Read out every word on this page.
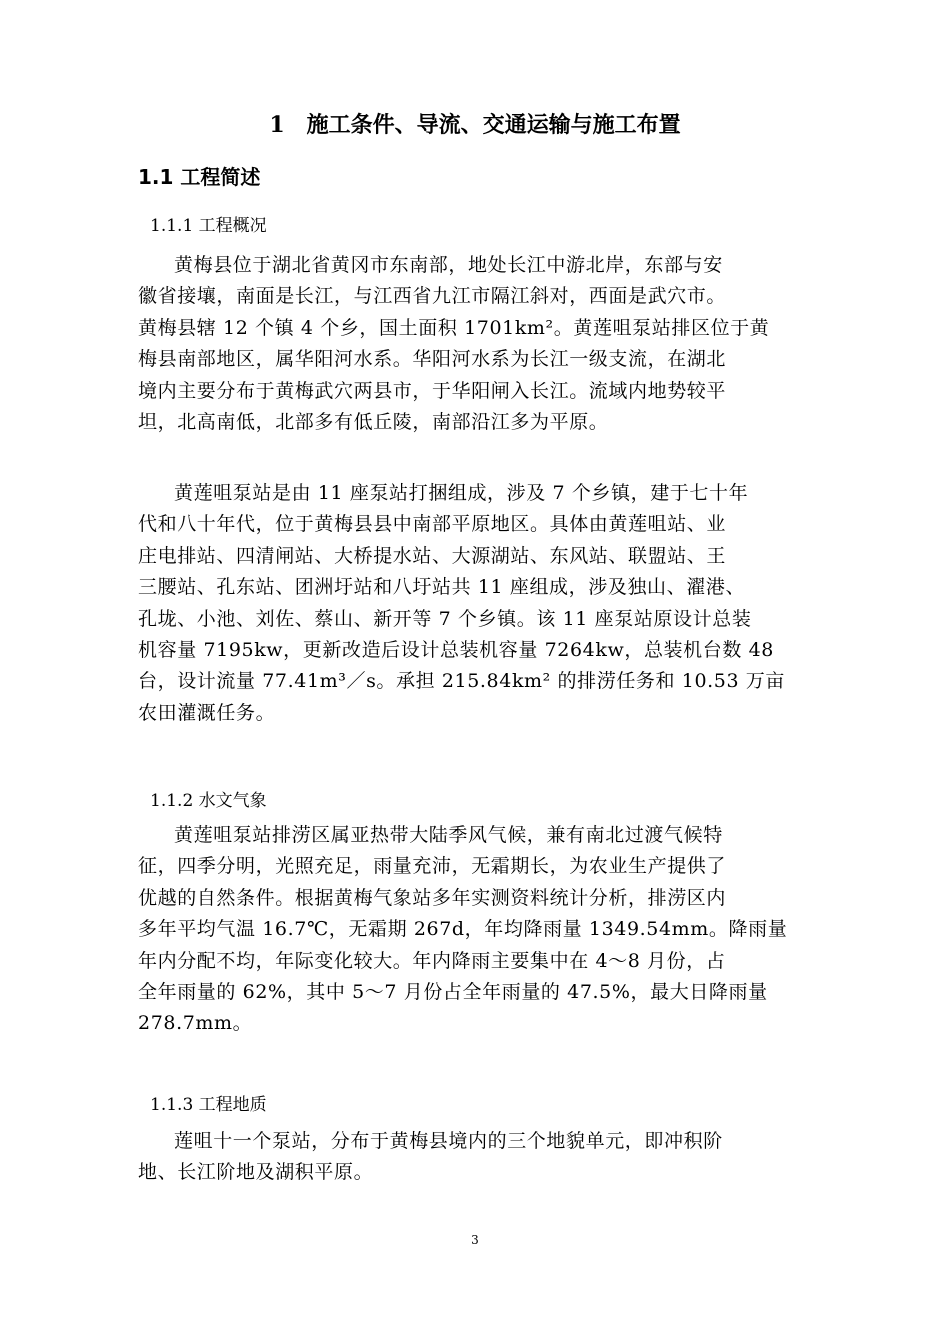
1　施工条件、导流、交通运输与施工布置
1.1 工程简述
1.1.1 工程概况
黄梅县位于湖北省黄冈市东南部，地处长江中游北岸，东部与安
徽省接壤，南面是长江，与江西省九江市隔江斜对，西面是武穴市。
黄梅县辖 12 个镇 4 个乡，国土面积 1701km²。黄莲咀泵站排区位于黄
梅县南部地区，属华阳河水系。华阳河水系为长江一级支流，在湖北
境内主要分布于黄梅武穴两县市，于华阳闸入长江。流域内地势较平
坦，北高南低，北部多有低丘陵，南部沿江多为平原。
黄莲咀泵站是由 11 座泵站打捆组成，涉及 7 个乡镇，建于七十年
代和八十年代，位于黄梅县县中南部平原地区。具体由黄莲咀站、业
庄电排站、四清闸站、大桥提水站、大源湖站、东风站、联盟站、王
三腰站、孔东站、团洲圩站和八圩站共 11 座组成，涉及独山、濯港、
孔垅、小池、刘佐、蔡山、新开等 7 个乡镇。该 11 座泵站原设计总装
机容量 7195kw，更新改造后设计总装机容量 7264kw，总装机台数 48
台，设计流量 77.41m³／s。承担 215.84km² 的排涝任务和 10.53 万亩
农田灌溉任务。
1.1.2 水文气象
黄莲咀泵站排涝区属亚热带大陆季风气候，兼有南北过渡气候特
征，四季分明，光照充足，雨量充沛，无霜期长，为农业生产提供了
优越的自然条件。根据黄梅气象站多年实测资料统计分析，排涝区内
多年平均气温 16.7℃，无霜期 267d，年均降雨量 1349.54mm。降雨量
年内分配不均，年际变化较大。年内降雨主要集中在 4～8 月份，占
全年雨量的 62%，其中 5～7 月份占全年雨量的 47.5%，最大日降雨量
278.7mm。
1.1.3 工程地质
莲咀十一个泵站，分布于黄梅县境内的三个地貌单元，即冲积阶
地、长江阶地及湖积平原。
3
